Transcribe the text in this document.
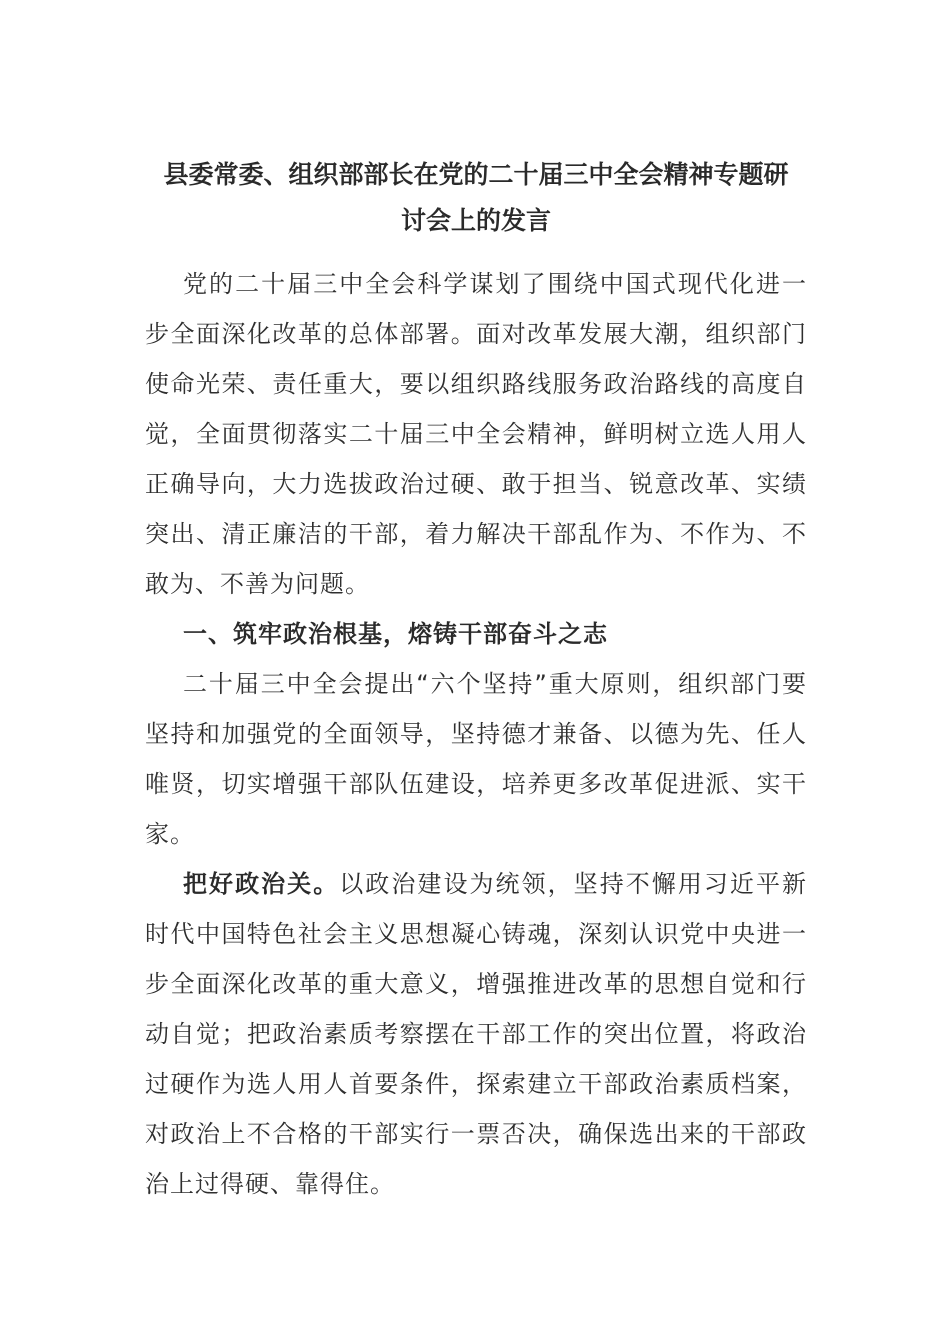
县委常委、组织部部长在党的二十届三中全会精神专题研
讨会上的发言

党的二十届三中全会科学谋划了围绕中国式现代化进一步全面深化改革的总体部署。面对改革发展大潮，组织部门使命光荣、责任重大，要以组织路线服务政治路线的高度自觉，全面贯彻落实二十届三中全会精神，鲜明树立选人用人正确导向，大力选拔政治过硬、敢于担当、锐意改革、实绩突出、清正廉洁的干部，着力解决干部乱作为、不作为、不敢为、不善为问题。

一、筑牢政治根基，熔铸干部奋斗之志

二十届三中全会提出“六个坚持”重大原则，组织部门要坚持和加强党的全面领导，坚持德才兼备、以德为先、任人唯贤，切实增强干部队伍建设，培养更多改革促进派、实干家。

把好政治关。以政治建设为统领，坚持不懈用习近平新时代中国特色社会主义思想凝心铸魂，深刻认识党中央进一步全面深化改革的重大意义，增强推进改革的思想自觉和行动自觉；把政治素质考察摆在干部工作的突出位置，将政治过硬作为选人用人首要条件，探索建立干部政治素质档案，对政治上不合格的干部实行一票否决，确保选出来的干部政治上过得硬、靠得住。
